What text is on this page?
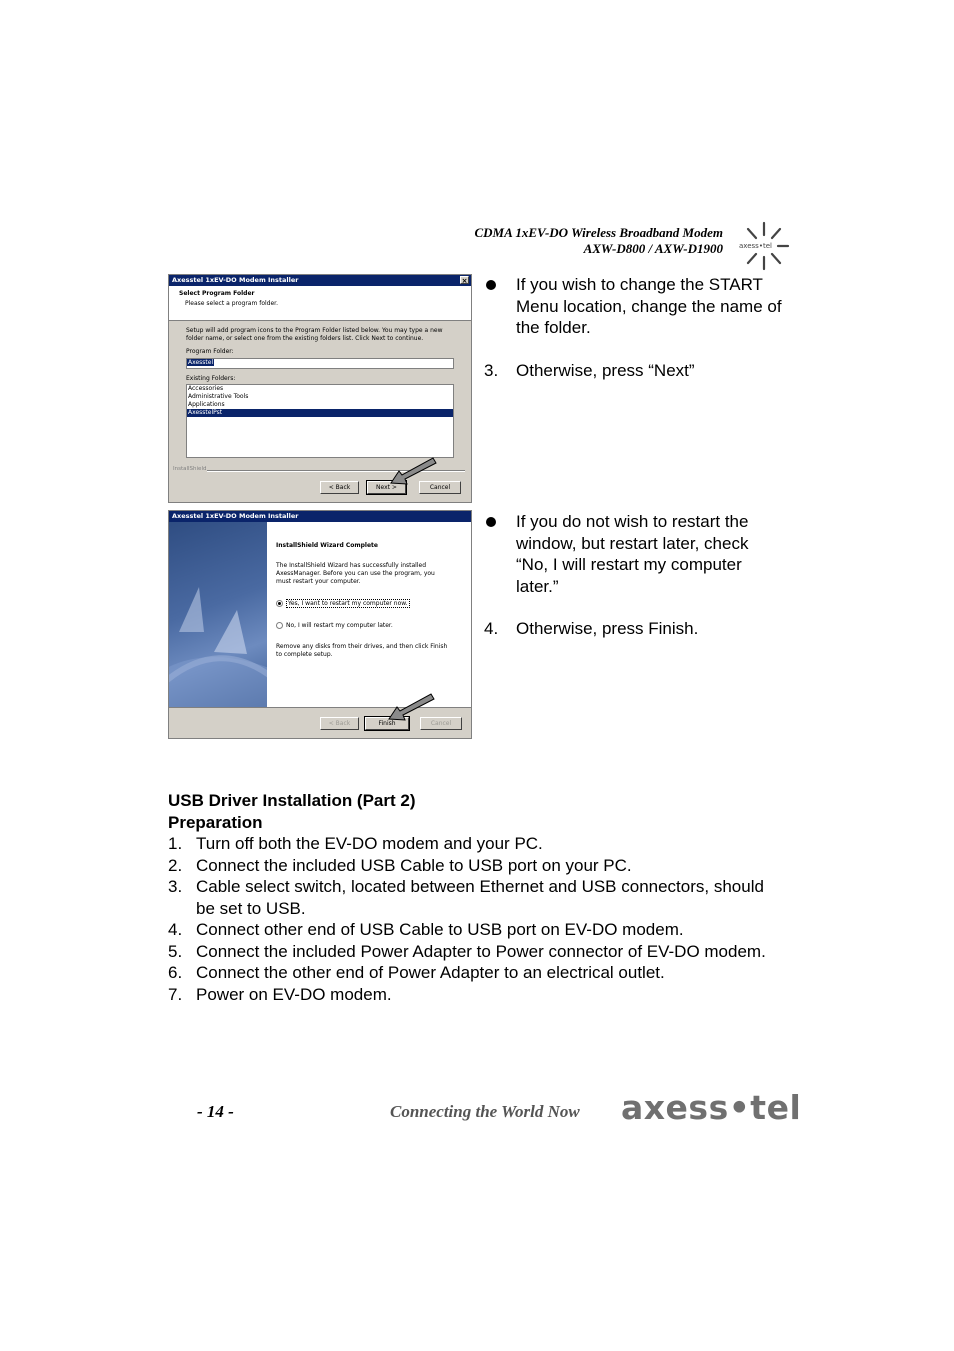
CDMA 1xEV-DO Wireless Broadband Modem
AXW-D800 / AXW-D1900 axess•tel
Axesstel 1xEV-DO Modem Installer	×
Select Program Folder
Please select a program folder.
Setup will add program icons to the Program Folder listed below. You may type a new folder name, or select one from the existing folders list. Click Next to continue.
Program Folder:
Axesstel
Existing Folders:
Accessories
Administrative Tools
Applications
AxesstelPst
InstallShield
< Back	Next >	Cancel
Axesstel 1xEV-DO Modem Installer
InstallShield Wizard Complete
The InstallShield Wizard has successfully installed AxessManager. Before you can use the program, you must restart your computer.
Yes, I want to restart my computer now.
No, I will restart my computer later.
Remove any disks from their drives, and then click Finish to complete setup.
< Back	Finish	Cancel
If you wish to change the START Menu location, change the name of the folder.
3.	Otherwise, press “Next”
If you do not wish to restart the window, but restart later, check “No, I will restart my computer later.”
4.	Otherwise, press Finish.
USB Driver Installation (Part 2)
Preparation
1. Turn off both the EV-DO modem and your PC.
2. Connect the included USB Cable to USB port on your PC.
3. Cable select switch, located between Ethernet and USB connectors, should be set to USB.
4. Connect other end of USB Cable to USB port on EV-DO modem.
5. Connect the included Power Adapter to Power connector of EV-DO modem.
6. Connect the other end of Power Adapter to an electrical outlet.
7. Power on EV-DO modem.
- 14 -	Connecting the World Now axess•tel
